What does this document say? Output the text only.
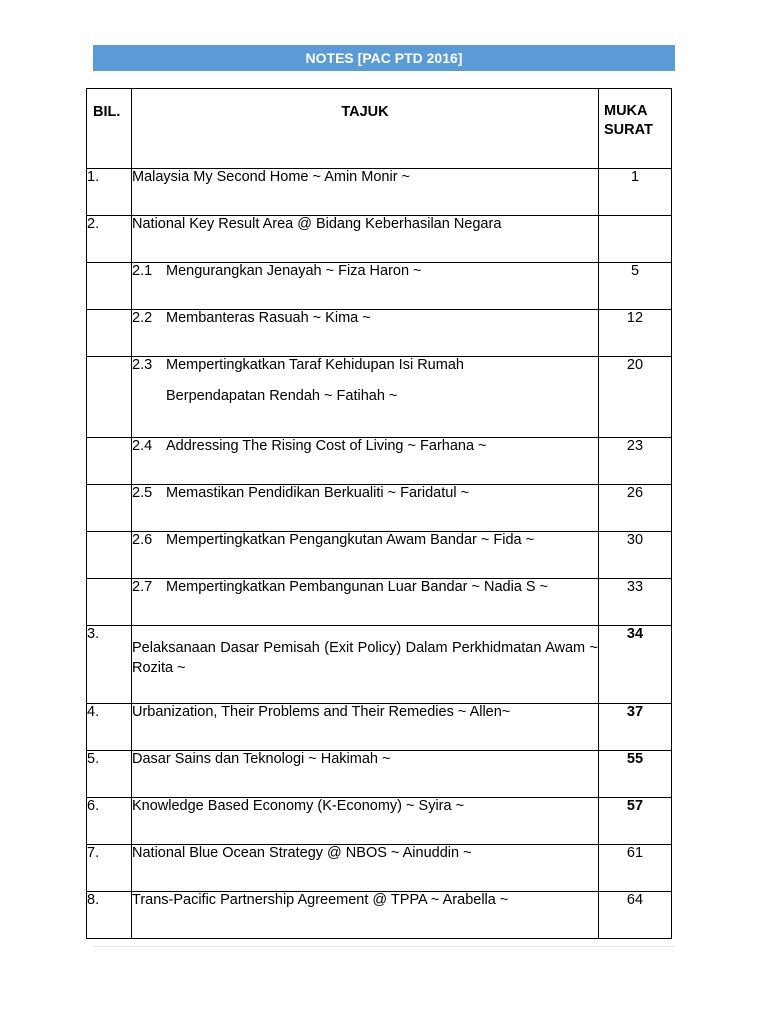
NOTES [PAC PTD 2016]
BIL.	TAJUK	MUKA
SURAT
1.	Malaysia My Second Home ~ Amin Monir ~	1
2.	National Key Result Area @ Bidang Keberhasilan Negara	
	2.1 Mengurangkan Jenayah ~ Fiza Haron ~	5
	2.2 Membanteras Rasuah ~ Kima ~	12
	2.3 Mempertingkatkan Taraf Kehidupan Isi Rumah
Berpendapatan Rendah ~ Fatihah ~	20
	2.4 Addressing The Rising Cost of Living ~ Farhana ~	23
	2.5 Memastikan Pendidikan Berkualiti ~ Faridatul ~	26
	2.6 Mempertingkatkan Pengangkutan Awam Bandar ~ Fida ~	30
	2.7 Mempertingkatkan Pembangunan Luar Bandar ~ Nadia S ~	33
3.	Pelaksanaan Dasar Pemisah (Exit Policy) Dalam Perkhidmatan Awam ~ Rozita ~	34
4.	Urbanization, Their Problems and Their Remedies ~ Allen~	37
5.	Dasar Sains dan Teknologi ~ Hakimah ~	55
6.	Knowledge Based Economy (K-Economy) ~ Syira ~	57
7.	National Blue Ocean Strategy @ NBOS ~ Ainuddin ~	61
8.	Trans-Pacific Partnership Agreement @ TPPA ~ Arabella ~	64
